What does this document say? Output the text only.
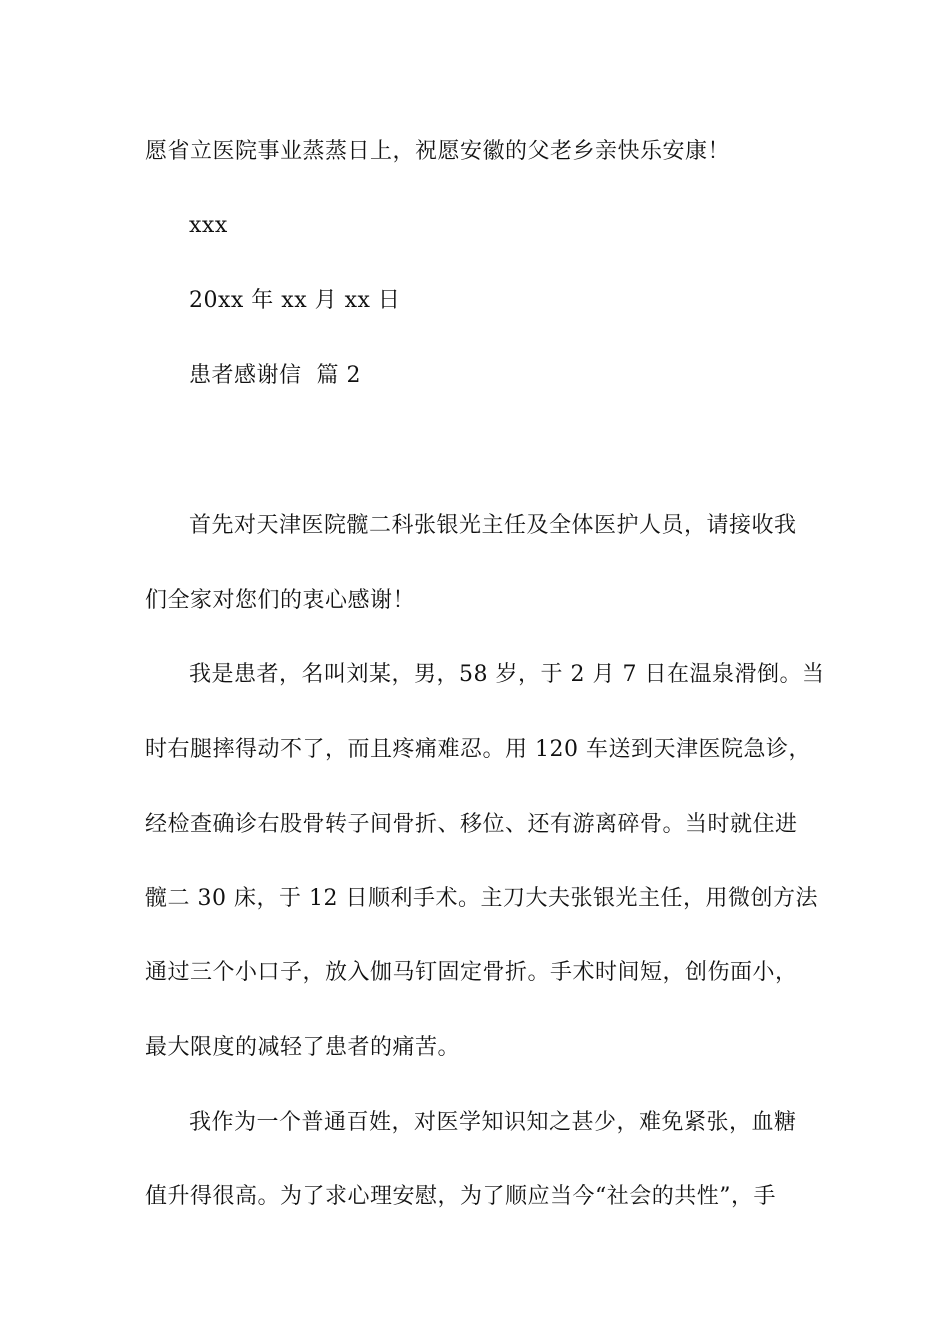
愿省立医院事业蒸蒸日上，祝愿安徽的父老乡亲快乐安康！
xxx
20xx 年 xx 月 xx 日
患者感谢信  篇 2
首先对天津医院髋二科张银光主任及全体医护人员，请接收我
们全家对您们的衷心感谢！
我是患者，名叫刘某，男，58 岁，于 2 月 7 日在温泉滑倒。当
时右腿摔得动不了，而且疼痛难忍。用 120 车送到天津医院急诊，
经检查确诊右股骨转子间骨折、移位、还有游离碎骨。当时就住进
髋二 30 床，于 12 日顺利手术。主刀大夫张银光主任，用微创方法
通过三个小口子，放入伽马钉固定骨折。手术时间短，创伤面小，
最大限度的减轻了患者的痛苦。
我作为一个普通百姓，对医学知识知之甚少，难免紧张，血糖
值升得很高。为了求心理安慰，为了顺应当今“社会的共性”，手
